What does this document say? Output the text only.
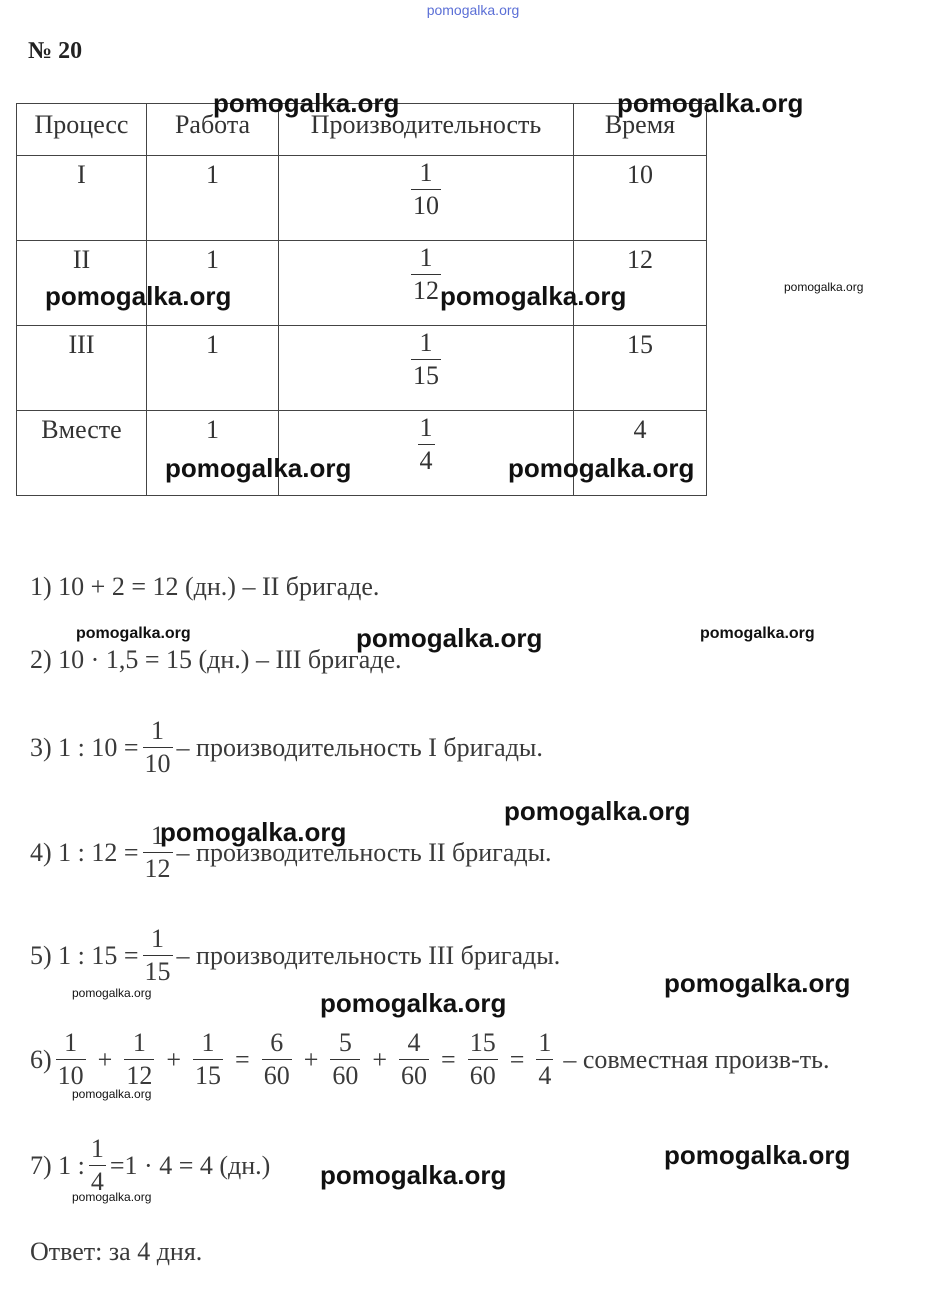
pomogalka.org
№ 20
Процесс	Работа	Производительность	Время
I	1	$\frac{1}{10}$	10
II	1	$\frac{1}{12}$	12
III	1	$\frac{1}{15}$	15
Вместе	1	$\frac{1}{4}$	4
1) 10 + 2 = 12 (дн.) – II бригаде.
2) 10 · 1,5 = 15 (дн.) – III бригаде.
3) 1 : $10 = \frac{1}{10}$ – производительность I бригады.
4) 1 : $12 = \frac{1}{12}$ – производительность II бригады.
5) 1 : $15 = \frac{1}{15}$ – производительность III бригады.
$6) \frac{1}{10} + \frac{1}{12} + \frac{1}{15} = \frac{6}{60} + \frac{5}{60} + \frac{4}{60} = \frac{15}{60} = \frac{1}{4}$ – совместная произв-ть.
7) 1 : $\frac{1}{4} =1 \cdot 4 = 4$ (дн.)
Ответ: за 4 дня.
pomogalka.org	pomogalka.org
pomogalka.org	pomogalka.org	pomogalka.org
pomogalka.org	pomogalka.org
pomogalka.org	pomogalka.org	pomogalka.org
pomogalka.org
pomogalka.org
pomogalka.org
pomogalka.org	pomogalka.org
pomogalka.org
pomogalka.org
pomogalka.org
pomogalka.org
